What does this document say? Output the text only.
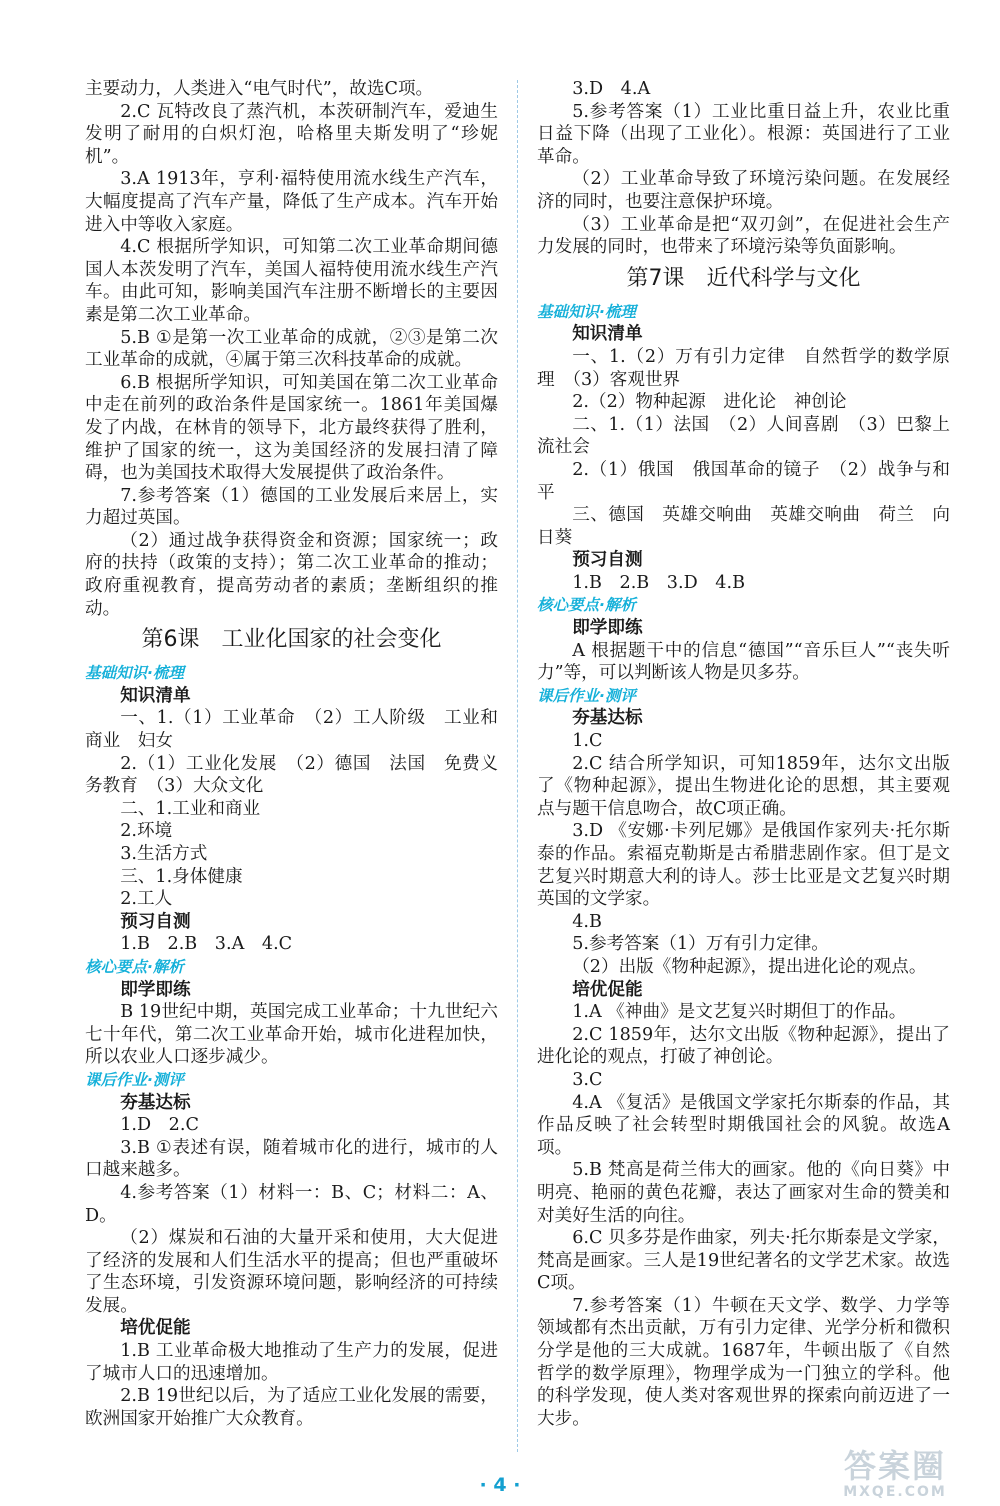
主要动力，人类进入“电气时代”，故选C项。

2.C 瓦特改良了蒸汽机，本茨研制汽车，爱迪生发明了耐用的白炽灯泡，哈格里夫斯发明了“珍妮机”。

3.A 1913年，亨利·福特使用流水线生产汽车，大幅度提高了汽车产量，降低了生产成本。汽车开始进入中等收入家庭。

4.C 根据所学知识，可知第二次工业革命期间德国人本茨发明了汽车，美国人福特使用流水线生产汽车。由此可知，影响美国汽车注册不断增长的主要因素是第二次工业革命。

5.B ①是第一次工业革命的成就，②③是第二次工业革命的成就，④属于第三次科技革命的成就。

6.B 根据所学知识，可知美国在第二次工业革命中走在前列的政治条件是国家统一。1861年美国爆发了内战，在林肯的领导下，北方最终获得了胜利，维护了国家的统一，这为美国经济的发展扫清了障碍，也为美国技术取得大发展提供了政治条件。

7.参考答案（1）德国的工业发展后来居上，实力超过英国。

（2）通过战争获得资金和资源；国家统一；政府的扶持（政策的支持）；第二次工业革命的推动；政府重视教育，提高劳动者的素质；垄断组织的推动。

第6课　工业化国家的社会变化
基础知识·梳理

知识清单

一、1.（1）工业革命　（2）工人阶级　工业和商业　妇女

2.（1）工业化发展　（2）德国　法国　免费义务教育　（3）大众文化

二、1.工业和商业

2.环境

3.生活方式

三、1.身体健康

2.工人

预习自测

1.B　2.B　3.A　4.C

核心要点·解析

即学即练

B 19世纪中期，英国完成工业革命；十九世纪六七十年代，第二次工业革命开始，城市化进程加快，所以农业人口逐步减少。

课后作业·测评

夯基达标

1.D　2.C

3.B ①表述有误，随着城市化的进行，城市的人口越来越多。

4.参考答案（1）材料一：B、C；材料二：A、D。

（2）煤炭和石油的大量开采和使用，大大促进了经济的发展和人们生活水平的提高；但也严重破坏了生态环境，引发资源环境问题，影响经济的可持续发展。

培优促能

1.B 工业革命极大地推动了生产力的发展，促进了城市人口的迅速增加。

2.B 19世纪以后，为了适应工业化发展的需要，欧洲国家开始推广大众教育。

3.D　4.A

5.参考答案（1）工业比重日益上升，农业比重日益下降（出现了工业化）。根源：英国进行了工业革命。

（2）工业革命导致了环境污染问题。在发展经济的同时，也要注意保护环境。

（3）工业革命是把“双刃剑”，在促进社会生产力发展的同时，也带来了环境污染等负面影响。

第7课　近代科学与文化
基础知识·梳理

知识清单

一、1.（2）万有引力定律　自然哲学的数学原理　（3）客观世界

2.（2）物种起源　进化论　神创论

二、1.（1）法国　（2）人间喜剧　（3）巴黎上流社会

2.（1）俄国　俄国革命的镜子　（2）战争与和平

三、德国　英雄交响曲　英雄交响曲　荷兰　向日葵

预习自测

1.B　2.B　3.D　4.B

核心要点·解析

即学即练

A 根据题干中的信息“德国”“音乐巨人”“丧失听力”等，可以判断该人物是贝多芬。

课后作业·测评

夯基达标

1.C

2.C 结合所学知识，可知1859年，达尔文出版了《物种起源》，提出生物进化论的思想，其主要观点与题干信息吻合，故C项正确。

3.D 《安娜·卡列尼娜》是俄国作家列夫·托尔斯泰的作品。索福克勒斯是古希腊悲剧作家。但丁是文艺复兴时期意大利的诗人。莎士比亚是文艺复兴时期英国的文学家。

4.B

5.参考答案（1）万有引力定律。

（2）出版《物种起源》，提出进化论的观点。

培优促能

1.A 《神曲》是文艺复兴时期但丁的作品。

2.C 1859年，达尔文出版《物种起源》，提出了进化论的观点，打破了神创论。

3.C

4.A 《复活》是俄国文学家托尔斯泰的作品，其作品反映了社会转型时期俄国社会的风貌。故选A项。

5.B 梵高是荷兰伟大的画家。他的《向日葵》中明亮、艳丽的黄色花瓣，表达了画家对生命的赞美和对美好生活的向往。

6.C 贝多芬是作曲家，列夫·托尔斯泰是文学家，梵高是画家。三人是19世纪著名的文学艺术家。故选C项。

7.参考答案（1）牛顿在天文学、数学、力学等领域都有杰出贡献，万有引力定律、光学分析和微积分学是他的三大成就。1687年，牛顿出版了《自然哲学的数学原理》，物理学成为一门独立的学科。他的科学发现，使人类对客观世界的探索向前迈进了一大步。

· 4 ·	答案圈
MXQE.COM
